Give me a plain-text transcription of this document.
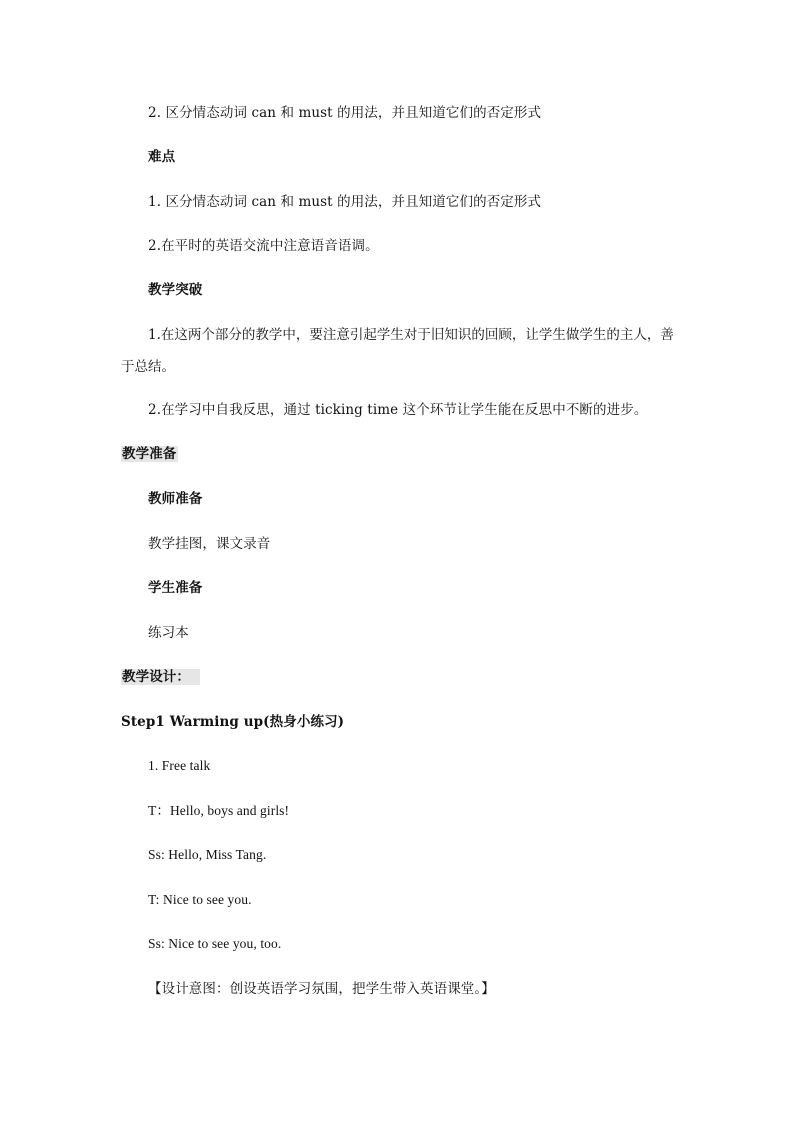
2. 区分情态动词 can 和 must 的用法，并且知道它们的否定形式
难点
1. 区分情态动词 can 和 must 的用法，并且知道它们的否定形式
2.在平时的英语交流中注意语音语调。
教学突破
1.在这两个部分的教学中，要注意引起学生对于旧知识的回顾，让学生做学生的主人，善于总结。
2.在学习中自我反思，通过 ticking time 这个环节让学生能在反思中不断的进步。
教学准备
教师准备
教学挂图，课文录音
学生准备
练习本
教学设计：
Step1 Warming up(热身小练习)
1. Free talk
T：Hello, boys and girls!
Ss: Hello, Miss Tang.
T: Nice to see you.
Ss: Nice to see you, too.
【设计意图：创设英语学习氛围，把学生带入英语课堂。】
